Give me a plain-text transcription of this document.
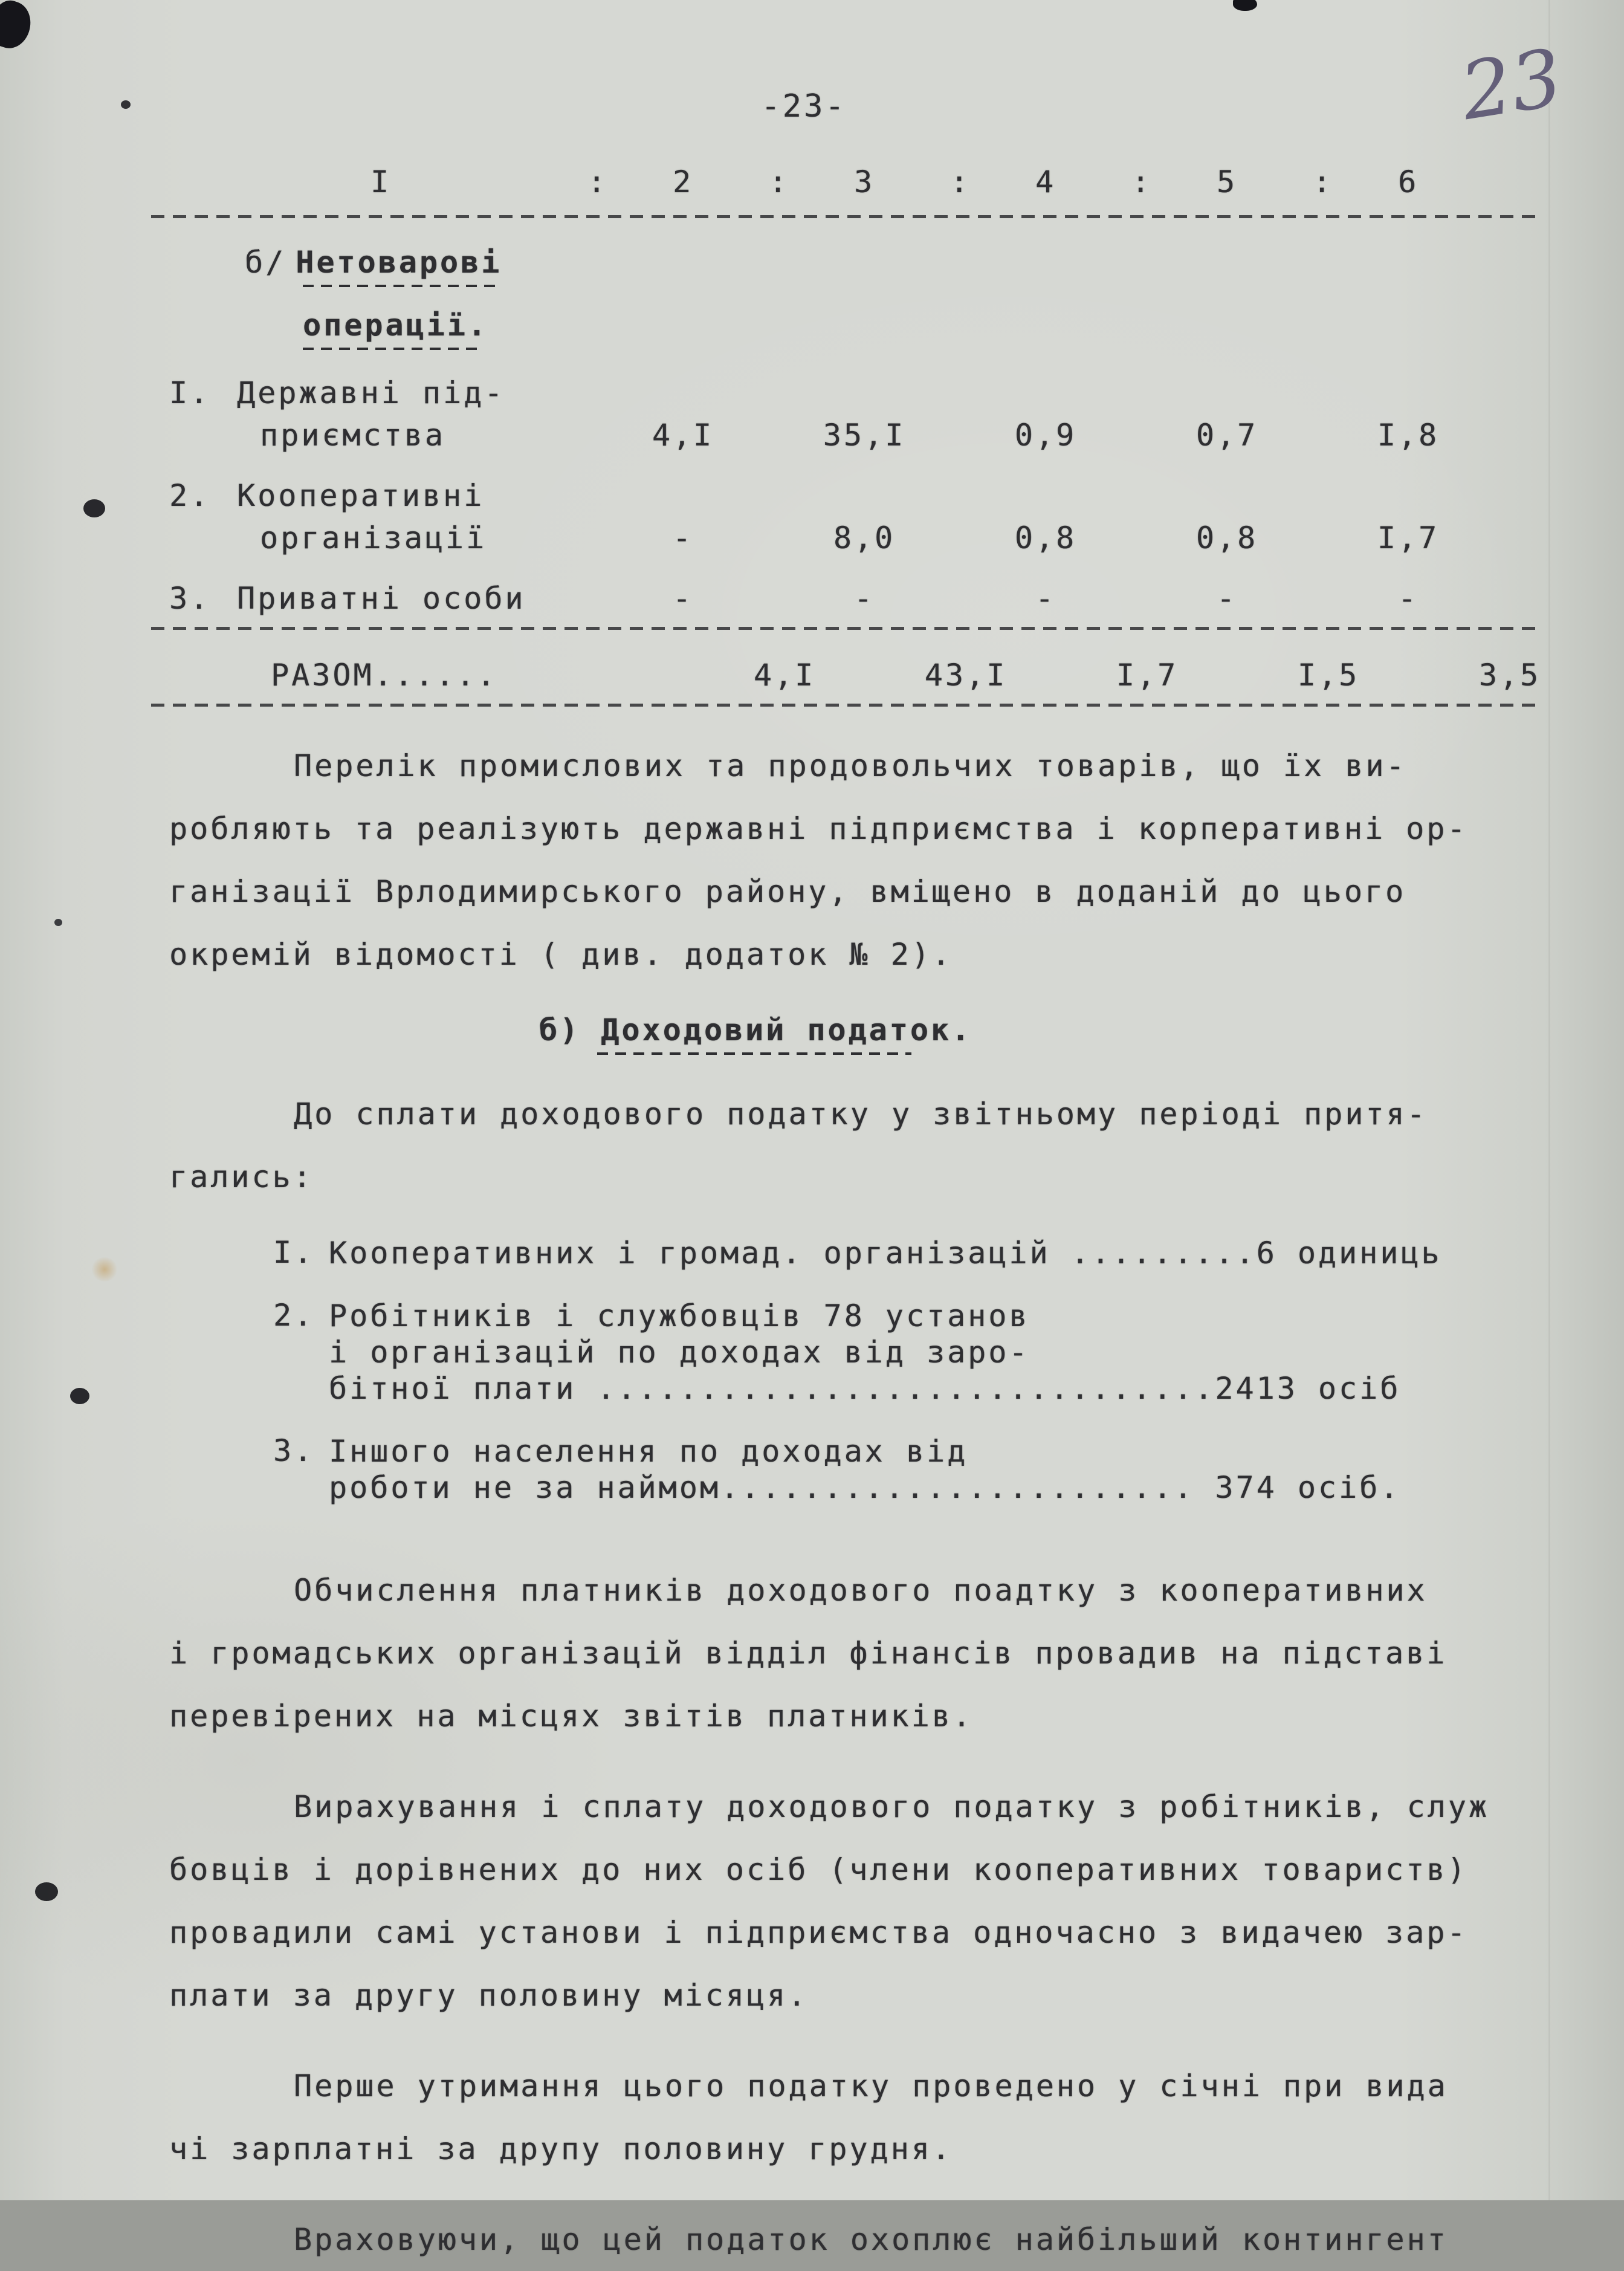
23
-23-
І	: 2	: 3	: 4	: 5	: 6
б/ Нетоварові
операції.
І. Державні під-
приємства	4,І	35,І	0,9	0,7	І,8
2. Кооперативні
організації	-	8,0	0,8	0,8	І,7
3. Приватні особи	-	-	-	-	-
РАЗОМ......	4,І	43,І	І,7	І,5	3,5
Перелік промислових та продовольчих товарів, що їх ви-
робляють та реалізують державні підприємства і корперативні ор-
ганізації Врлодимирського району, вміщено в доданій до цього
окремій відомості ( див. додаток № 2).
б) Доходовий податок.
До сплати доходового податку у звітньому періоді притя-
гались:
І. Кооперативних і громад. організацій .........6 одиниць
2. Робітників і службовців 78 установ
і організацій по доходах від заро-
бітної плати ..............................2413 осіб
3. Іншого населення по доходах від
роботи не за наймом....................... 374 осіб.
Обчислення платників доходового поадтку з кооперативних
і громадських організацій відділ фінансів провадив на підставі
перевірених на місцях звітів платників.
Вирахування і сплату доходового податку з робітників, служ
бовців і дорівнених до них осіб (члени кооперативних товариств)
провадили самі установи і підприємства одночасно з видачею зар-
плати за другу половину місяця.
Перше утримання цього податку проведено у січні при вида
чі зарплатні за друпу половину грудня.
Враховуючи, що цей податок охоплює найбільший контингент
